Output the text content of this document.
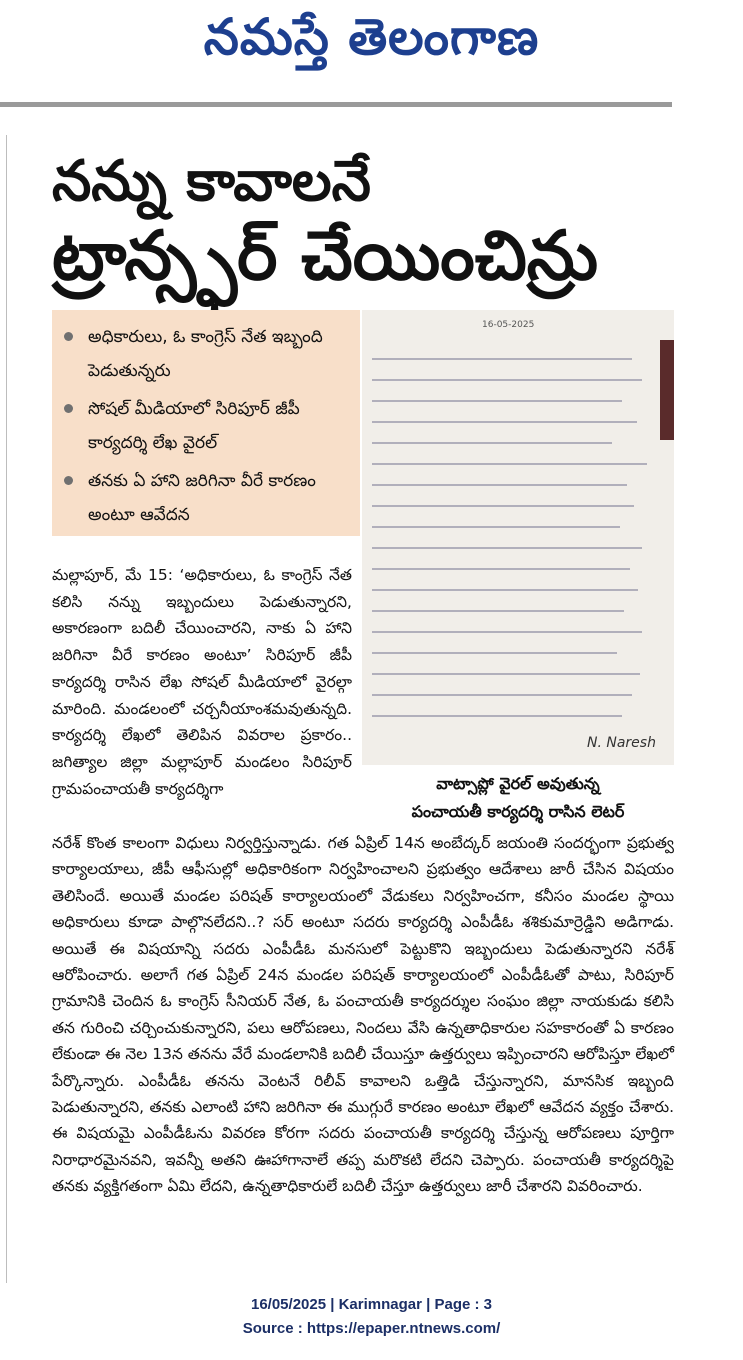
నమస్తే తెలంగాణ
నన్ను కావాలనే
ట్రాన్స్ఫర్ చేయించిన్రు
అధికారులు, ఓ కాంగ్రెస్ నేత ఇబ్బంది పెడుతున్నరు
సోషల్ మీడియాలో సిరిపూర్ జీపీ కార్యదర్శి లేఖ వైరల్
తనకు ఏ హాని జరిగినా వీరే కారణం అంటూ ఆవేదన
16-05-2025
N. Naresh
వాట్సాప్లో వైరల్ అవుతున్న
పంచాయతీ కార్యదర్శి రాసిన లెటర్
మల్లాపూర్, మే 15: ‘అధికారులు, ఓ కాంగ్రెస్ నేత కలిసి నన్ను ఇబ్బందులు పెడుతున్నారని, అకారణంగా బదిలీ చేయించారని, నాకు ఏ హాని జరిగినా వీరే కారణం అంటూ’ సిరిపూర్ జీపీ కార్యదర్శి రాసిన లేఖ సోషల్ మీడియాలో వైరల్గా మారింది. మండలంలో చర్చనీయాంశమవుతున్నది. కార్యదర్శి లేఖలో తెలిపిన వివరాల ప్రకారం.. జగిత్యాల జిల్లా మల్లాపూర్ మండలం సిరిపూర్ గ్రామపంచాయతీ కార్యదర్శిగా
నరేశ్ కొంత కాలంగా విధులు నిర్వర్తిస్తున్నాడు. గత ఏప్రిల్ 14న అంబేద్కర్ జయంతి సందర్భంగా ప్రభుత్వ కార్యాలయాలు, జీపీ ఆఫీసుల్లో అధికారికంగా నిర్వహించాలని ప్రభుత్వం ఆదేశాలు జారీ చేసిన విషయం తెలిసిందే. అయితే మండల పరిషత్ కార్యాలయంలో వేడుకలు నిర్వహించగా, కనీసం మండల స్థాయి అధికారులు కూడా పాల్గొనలేదని..? సర్ అంటూ సదరు కార్యదర్శి ఎంపీడీఓ శశికుమార్రెడ్డిని అడిగాడు. అయితే ఈ విషయాన్ని సదరు ఎంపీడీఓ మనసులో పెట్టుకొని ఇబ్బందులు పెడుతున్నారని నరేశ్ ఆరోపించారు. అలాగే గత ఏప్రిల్ 24న మండల పరిషత్ కార్యాలయంలో ఎంపీడీఓతో పాటు, సిరిపూర్ గ్రామానికి చెందిన ఓ కాంగ్రెస్ సీనియర్ నేత, ఓ పంచాయతీ కార్యదర్శుల సంఘం జిల్లా నాయకుడు కలిసి తన గురించి చర్చించుకున్నారని, పలు ఆరోపణలు, నిందలు వేసి ఉన్నతాధికారుల సహకారంతో ఏ కారణం లేకుండా ఈ నెల 13న తనను వేరే మండలానికి బదిలీ చేయిస్తూ ఉత్తర్వులు ఇప్పించారని ఆరోపిస్తూ లేఖలో పేర్కొన్నారు. ఎంపీడీఓ తనను వెంటనే రిలీవ్ కావాలని ఒత్తిడి చేస్తున్నారని, మానసిక ఇబ్బంది పెడుతున్నారని, తనకు ఎలాంటి హాని జరిగినా ఈ ముగ్గురే కారణం అంటూ లేఖలో ఆవేదన వ్యక్తం చేశారు. ఈ విషయమై ఎంపీడీఓను వివరణ కోరగా సదరు పంచాయతీ కార్యదర్శి చేస్తున్న ఆరోపణలు పూర్తిగా నిరాధారమైనవని, ఇవన్నీ అతని ఊహాగానాలే తప్ప మరొకటి లేదని చెప్పారు. పంచాయతీ కార్యదర్శిపై తనకు వ్యక్తిగతంగా ఏమి లేదని, ఉన్నతాధికారులే బదిలీ చేస్తూ ఉత్తర్వులు జారీ చేశారని వివరించారు.
16/05/2025 | Karimnagar | Page : 3
Source : https://epaper.ntnews.com/
